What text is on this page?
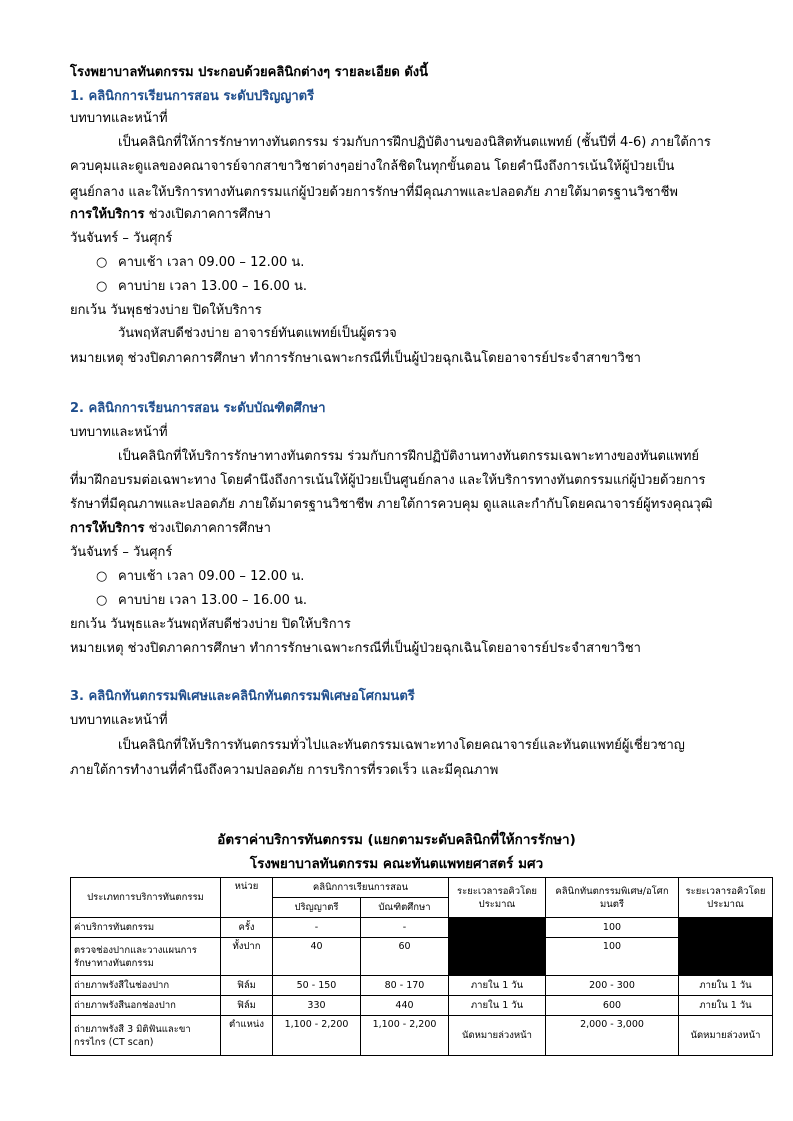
โรงพยาบาลทันตกรรม ประกอบด้วยคลินิกต่างๆ รายละเอียด ดังนี้
1. คลินิกการเรียนการสอน ระดับปริญญาตรี
บทบาทและหน้าที่
เป็นคลินิกที่ให้การรักษาทางทันตกรรม ร่วมกับการฝึกปฏิบัติงานของนิสิตทันตแพทย์ (ชั้นปีที่ 4-6) ภายใต้การ
ควบคุมและดูแลของคณาจารย์จากสาขาวิชาต่างๆอย่างใกล้ชิดในทุกขั้นตอน โดยคำนึงถึงการเน้นให้ผู้ป่วยเป็น
ศูนย์กลาง และให้บริการทางทันตกรรมแก่ผู้ป่วยด้วยการรักษาที่มีคุณภาพและปลอดภัย ภายใต้มาตรฐานวิชาชีพ
การให้บริการ ช่วงเปิดภาคการศึกษา
วันจันทร์ – วันศุกร์
○ คาบเช้า เวลา 09.00 – 12.00 น.
○ คาบบ่าย เวลา 13.00 – 16.00 น.
ยกเว้น วันพุธช่วงบ่าย ปิดให้บริการ
วันพฤหัสบดีช่วงบ่าย อาจารย์ทันตแพทย์เป็นผู้ตรวจ
หมายเหตุ ช่วงปิดภาคการศึกษา ทำการรักษาเฉพาะกรณีที่เป็นผู้ป่วยฉุกเฉินโดยอาจารย์ประจำสาขาวิชา
2. คลินิกการเรียนการสอน ระดับบัณฑิตศึกษา
บทบาทและหน้าที่
เป็นคลินิกที่ให้บริการรักษาทางทันตกรรม ร่วมกับการฝึกปฏิบัติงานทางทันตกรรมเฉพาะทางของทันตแพทย์
ที่มาฝึกอบรมต่อเฉพาะทาง โดยคำนึงถึงการเน้นให้ผู้ป่วยเป็นศูนย์กลาง และให้บริการทางทันตกรรมแก่ผู้ป่วยด้วยการ
รักษาที่มีคุณภาพและปลอดภัย ภายใต้มาตรฐานวิชาชีพ ภายใต้การควบคุม ดูแลและกำกับโดยคณาจารย์ผู้ทรงคุณวุฒิ
การให้บริการ ช่วงเปิดภาคการศึกษา
วันจันทร์ – วันศุกร์
○ คาบเช้า เวลา 09.00 – 12.00 น.
○ คาบบ่าย เวลา 13.00 – 16.00 น.
ยกเว้น วันพุธและวันพฤหัสบดีช่วงบ่าย ปิดให้บริการ
หมายเหตุ ช่วงปิดภาคการศึกษา ทำการรักษาเฉพาะกรณีที่เป็นผู้ป่วยฉุกเฉินโดยอาจารย์ประจำสาขาวิชา
3. คลินิกทันตกรรมพิเศษและคลินิกทันตกรรมพิเศษอโศกมนตรี
บทบาทและหน้าที่
เป็นคลินิกที่ให้บริการทันตกรรมทั่วไปและทันตกรรมเฉพาะทางโดยคณาจารย์และทันตแพทย์ผู้เชี่ยวชาญ
ภายใต้การทำงานที่คำนึงถึงความปลอดภัย การบริการที่รวดเร็ว และมีคุณภาพ
อัตราค่าบริการทันตกรรม (แยกตามระดับคลินิกที่ให้การรักษา)
โรงพยาบาลทันตกรรม คณะทันตแพทยศาสตร์ มศว
ประเภทการบริการทันตกรรม	หน่วย	คลินิกการเรียนการสอน		ระยะเวลารอคิวโดยประมาณ	คลินิกทันตกรรมพิเศษ/อโศกมนตรี	ระยะเวลารอคิวโดยประมาณ
		ปริญญาตรี	บัณฑิตศึกษา			
ค่าบริการทันตกรรม	ครั้ง	-	-		100	
ตรวจช่องปากและวางแผนการรักษาทางทันตกรรม	ทั้งปาก	40	60		100	
ถ่ายภาพรังสีในช่องปาก	ฟิล์ม	50 - 150	80 - 170	ภายใน 1 วัน	200 - 300	ภายใน 1 วัน
ถ่ายภาพรังสีนอกช่องปาก	ฟิล์ม	330	440	ภายใน 1 วัน	600	ภายใน 1 วัน
ถ่ายภาพรังสี 3 มิติฟันและขากรรไกร (CT scan)	ตำแหน่ง	1,100 - 2,200	1,100 - 2,200	นัดหมายล่วงหน้า	2,000 - 3,000	นัดหมายล่วงหน้า
